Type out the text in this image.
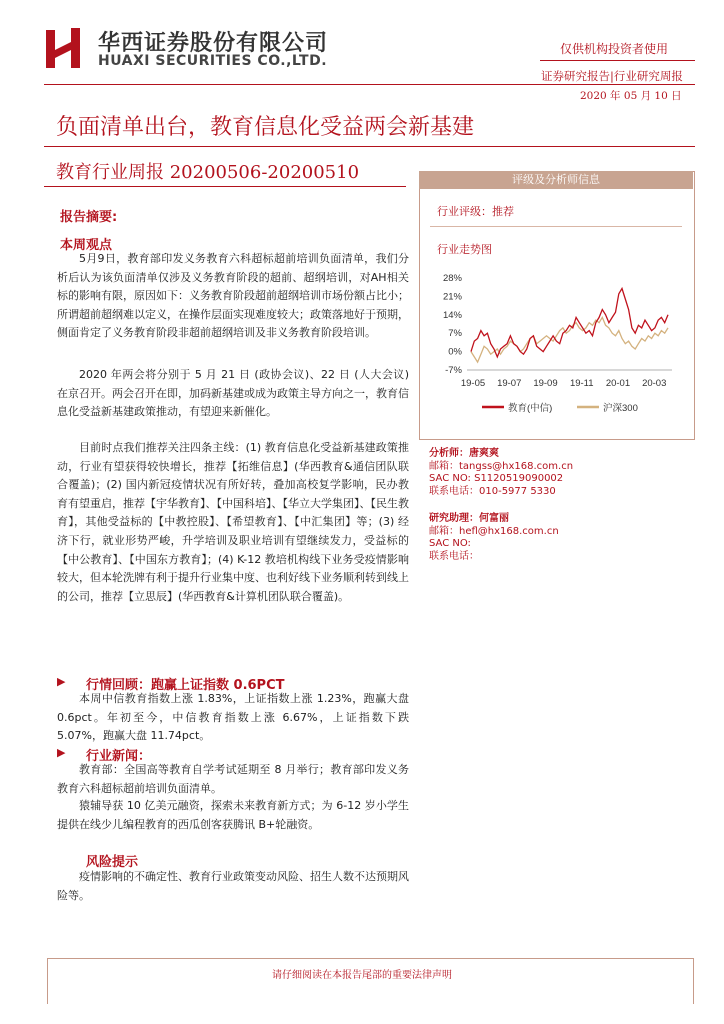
华西证券股份有限公司
HUAXI SECURITIES CO.,LTD.
仅供机构投资者使用
证券研究报告|行业研究周报
2020 年 05 月 10 日
负面清单出台，教育信息化受益两会新基建
教育行业周报 20200506-20200510
报告摘要:
本周观点
5月9日，教育部印发义务教育六科超标超前培训负面清单，我们分析后认为该负面清单仅涉及义务教育阶段的超前、超纲培训，对AH相关标的影响有限，原因如下：义务教育阶段超前超纲培训市场份额占比小；所谓超前超纲难以定义，在操作层面实现难度较大；政策落地好于预期，侧面肯定了义务教育阶段非超前超纲培训及非义务教育阶段培训。
2020 年两会将分别于 5 月 21 日 (政协会议)、22 日 (人大会议) 在京召开。两会召开在即，加码新基建或成为政策主导方向之一，教育信息化受益新基建政策推动，有望迎来新催化。
目前时点我们推荐关注四条主线：(1) 教育信息化受益新基建政策推动，行业有望获得较快增长，推荐【拓维信息】(华西教育&通信团队联合覆盖)；(2) 国内新冠疫情状况有所好转，叠加高校复学影响，民办教育有望重启，推荐【宇华教育】、【中国科培】、【华立大学集团】、【民生教育】，其他受益标的【中教控股】、【希望教育】、【中汇集团】等；(3) 经济下行，就业形势严峻，升学培训及职业培训有望继续发力，受益标的【中公教育】、【中国东方教育】；(4) K-12 教培机构线下业务受疫情影响较大，但本轮洗牌有利于提升行业集中度、也利好线下业务顺利转到线上的公司，推荐【立思辰】(华西教育&计算机团队联合覆盖)。
▶ 行情回顾：跑赢上证指数 0.6PCT
本周中信教育指数上涨 1.83%，上证指数上涨 1.23%，跑赢大盘 0.6pct。年初至今，中信教育指数上涨 6.67%，上证指数下跌 5.07%，跑赢大盘 11.74pct。
▶ 行业新闻：
教育部：全国高等教育自学考试延期至 8 月举行；教育部印发义务教育六科超标超前培训负面清单。
猿辅导获 10 亿美元融资，探索未来教育新方式；为 6-12 岁小学生提供在线少儿编程教育的西瓜创客获腾讯 B+轮融资。
风险提示
疫情影响的不确定性、教育行业政策变动风险、招生人数不达预期风险等。
评级及分析师信息
行业评级：推荐
行业走势图
28%
21%
14%
7%
0%
-7%
19-05 19-07 19-09 19-11 20-01 20-03
教育(中信)	沪深300
分析师：唐爽爽
邮箱：tangss@hx168.com.cn
SAC NO: S1120519090002
联系电话：010-5977 5330
研究助理：何富丽
邮箱：hefl@hx168.com.cn
SAC NO:
联系电话：
请仔细阅读在本报告尾部的重要法律声明
